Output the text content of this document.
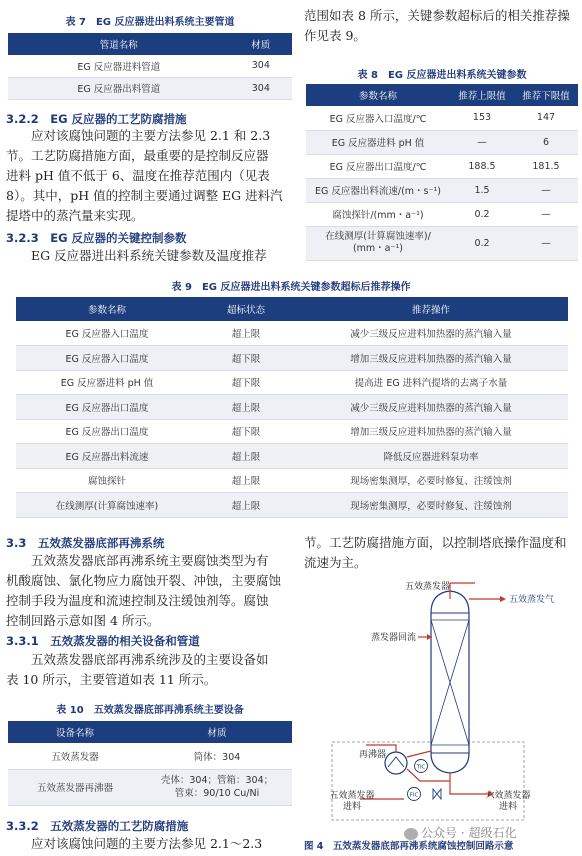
表 7　EG 反应器进出料系统主要管道
管道名称	材质
EG 反应器进料管道	304
EG 反应器出料管道	304
3.2.2　EG 反应器的工艺防腐措施
　　应对该腐蚀问题的主要方法参见 2.1 和 2.3
节。工艺防腐措施方面，最重要的是控制反应器
进料 pH 值不低于 6、温度在推荐范围内（见表
8）。其中，pH 值的控制主要通过调整 EG 进料汽
提塔中的蒸汽量来实现。
3.2.3　EG 反应器的关键控制参数
　　EG 反应器进出料系统关键参数及温度推荐
范围如表 8 所示，关键参数超标后的相关推荐操
作见表 9。
表 8　EG 反应器进出料系统关键参数
参数名称	推荐上限值	推荐下限值
EG 反应器入口温度/℃	153	147
EG 反应器进料 pH 值	—	6
EG 反应器出口温度/℃	188.5	181.5
EG 反应器出料流速/(m・s⁻¹)	1.5	—
腐蚀探针/(mm・a⁻¹)	0.2	—
在线测厚(计算腐蚀速率)/
(mm・a⁻¹)	0.2	—
表 9　EG 反应器进出料系统关键参数超标后推荐操作
参数名称	超标状态	推荐操作
EG 反应器入口温度	超上限	减少三级反应进料加热器的蒸汽输入量
EG 反应器入口温度	超下限	增加三级反应进料加热器的蒸汽输入量
EG 反应器进料 pH 值	超下限	提高进 EG 进料汽提塔的去离子水量
EG 反应器出口温度	超上限	减少三级反应进料加热器的蒸汽输入量
EG 反应器出口温度	超下限	增加三级反应进料加热器的蒸汽输入量
EG 反应器出料流速	超上限	降低反应器进料泵功率
腐蚀探针	超上限	现场密集测厚，必要时修复、注缓蚀剂
在线测厚(计算腐蚀速率)	超上限	现场密集测厚，必要时修复、注缓蚀剂
3.3　五效蒸发器底部再沸系统
　　五效蒸发器底部再沸系统主要腐蚀类型为有
机酸腐蚀、氯化物应力腐蚀开裂、冲蚀，主要腐蚀
控制手段为温度和流速控制及注缓蚀剂等。腐蚀
控制回路示意如图 4 所示。
3.3.1　五效蒸发器的相关设备和管道
　　五效蒸发器底部再沸系统涉及的主要设备如
表 10 所示，主要管道如表 11 所示。
表 10　五效蒸发器底部再沸系统主要设备
设备名称	材质
五效蒸发器	筒体：304
五效蒸发器再沸器	壳体：304；管箱：304；
管束：90/10 Cu/Ni
3.3.2　五效蒸发器的工艺防腐措施
　　应对该腐蚀问题的主要方法参见 2.1～2.3
节。工艺防腐措施方面，以控制塔底操作温度和
流速为主。
TIC
FIC
五效蒸发器
五效蒸发气
蒸发器回流
再沸器
五效蒸发器
进料
六效蒸发器
进料
图 4　五效蒸发器底部再沸系统腐蚀控制回路示意
公众号 · 超级石化
